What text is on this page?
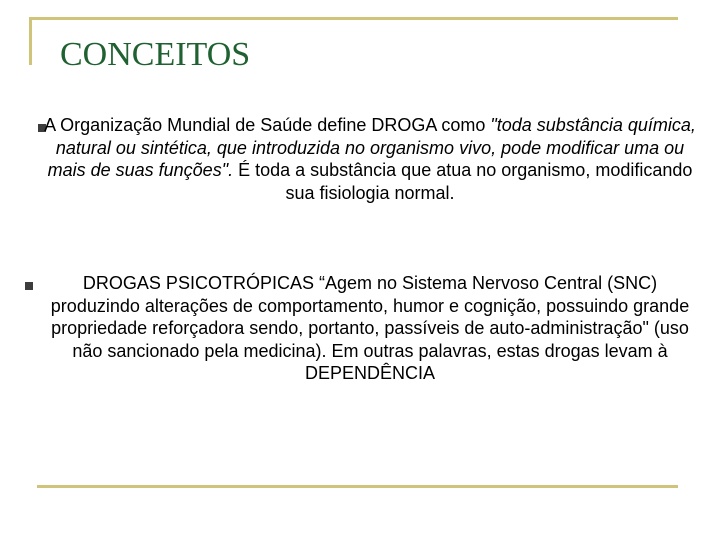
CONCEITOS

A Organização Mundial de Saúde define DROGA como "toda substância química, natural ou sintética, que introduzida no organismo vivo, pode modificar uma ou mais de suas funções". É toda a substância que atua no organismo, modificando sua fisiologia normal.

DROGAS PSICOTRÓPICAS “Agem no Sistema Nervoso Central (SNC) produzindo alterações de comportamento, humor e cognição, possuindo grande propriedade reforçadora sendo, portanto, passíveis de auto-administração" (uso não sancionado pela medicina). Em outras palavras, estas drogas levam à DEPENDÊNCIA
